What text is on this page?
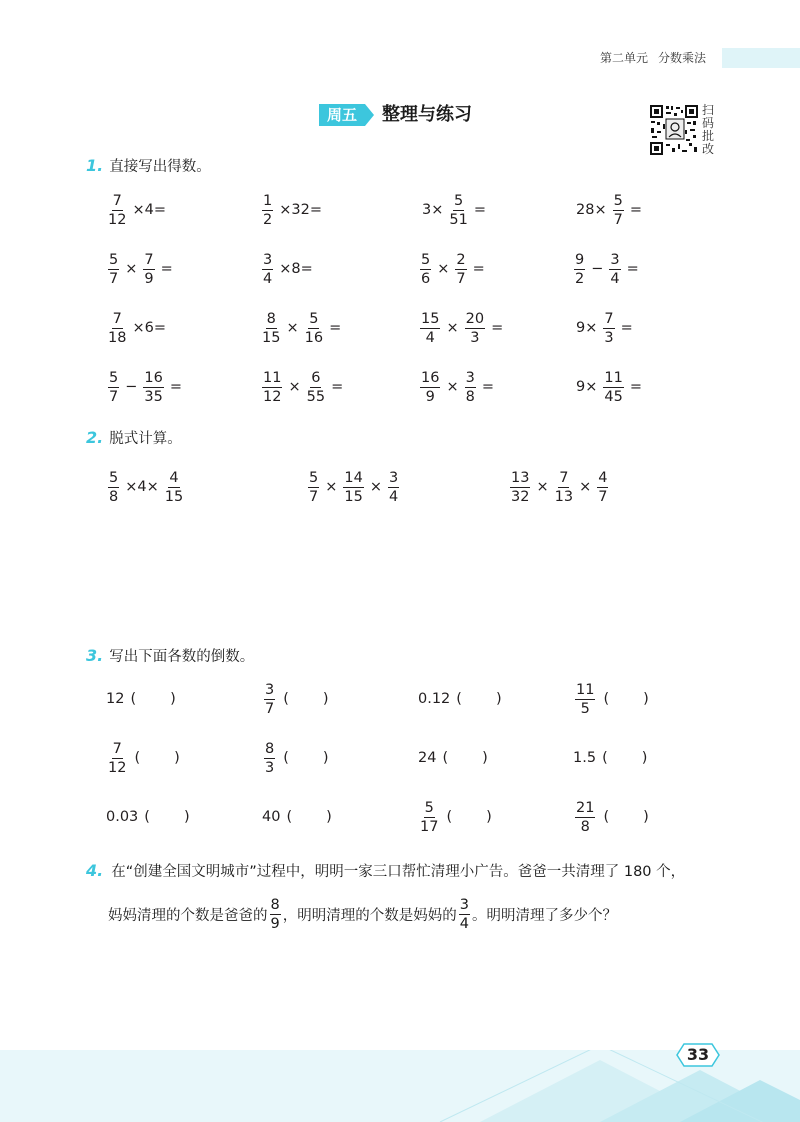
第二单元 分数乘法
周五	整理与练习	扫
码
批
改
1. 直接写出得数。
2. 脱式计算。
3. 写出下面各数的倒数。
4. 在“创建全国文明城市”过程中，明明一家三口帮忙清理小广告。爸爸一共清理了 180 个，
妈妈清理的个数是爸爸的 $\frac{8}{9}$ ，明明清理的个数是妈妈的 $\frac{3}{4}$ 。明明清理了多少个？
33
$\frac{7}{12} \times 4=$	$\frac{1}{2} \times 32=$	$3\times \frac{5}{51}$ =	$28\times \frac{5}{7}$ =
$\frac{5}{7} \times \frac{7}{9}$ =	$\frac{3}{4} \times 8=$	$\frac{5}{6} \times \frac{2}{7}$ =	$\frac{9}{2} - \frac{3}{4}$ =
$\frac{7}{18} \times 6=$	$\frac{8}{15} \times \frac{5}{16}$ =	$\frac{15}{4} \times \frac{20}{3}$ =	$9\times \frac{7}{3}$ =
$\frac{5}{7} - \frac{16}{35}$ =	$\frac{11}{12} \times \frac{6}{55}$ =	$\frac{16}{9} \times \frac{3}{8}$ =	$9\times \frac{11}{45}$ =
$\frac{5}{8} \times 4\times \frac{4}{15}$	$\frac{5}{7} \times \frac{14}{15} \times \frac{3}{4}$	$\frac{13}{32} \times \frac{7}{13} \times \frac{4}{7}$
12 ( )	$\frac{3}{7}$ ( )	0.12 ( )	$\frac{11}{5}$ ( )
$\frac{7}{12}$ ( )	$\frac{8}{3}$ ( )	24 ( )	1.5 ( )
0.03 ( )	40 ( )	$\frac{5}{17}$ ( )	$\frac{21}{8}$ ( )
